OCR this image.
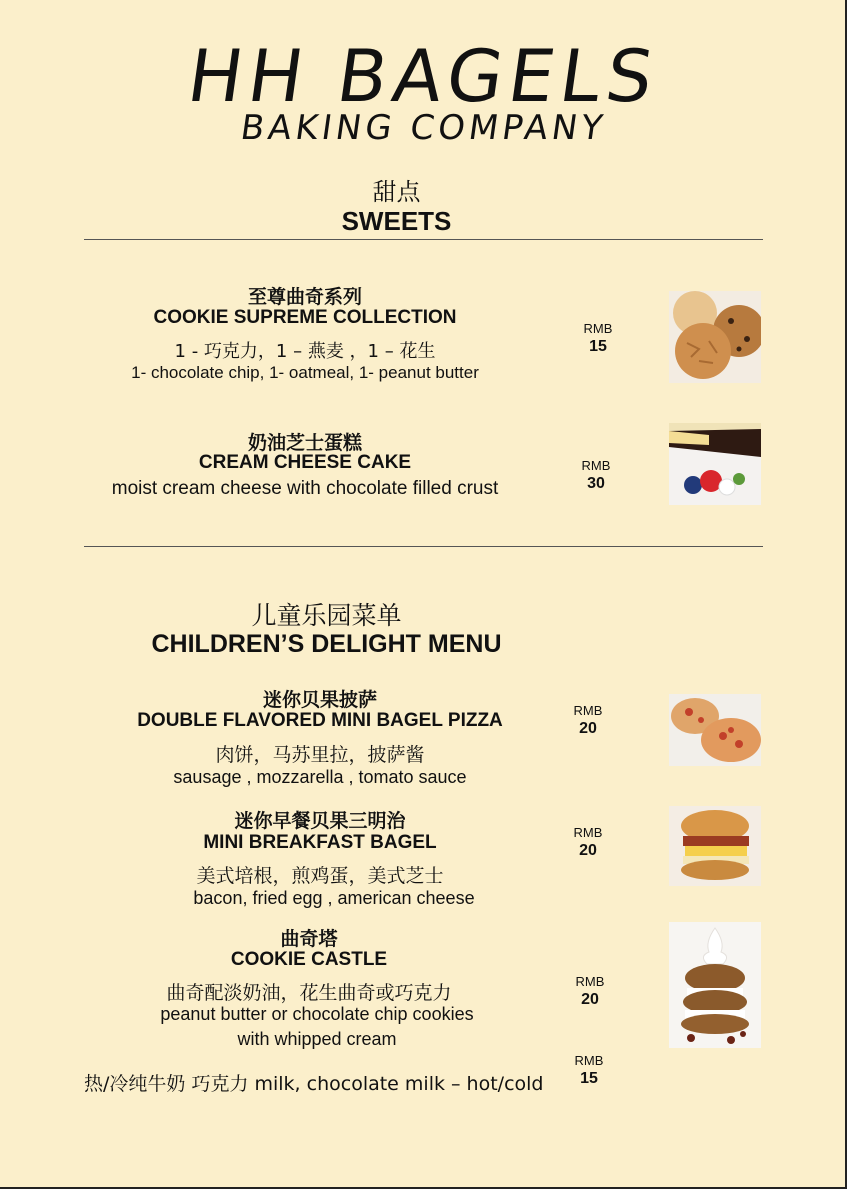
HH BAGELS
BAKING COMPANY
甜点
SWEETS
至尊曲奇系列
COOKIE SUPREME COLLECTION
1 - 巧克力，1 – 燕麦 ，1 – 花生
1- chocolate chip, 1- oatmeal, 1- peanut butter
RMB
15
奶油芝士蛋糕
CREAM CHEESE CAKE
moist cream cheese with chocolate filled crust
RMB
30
儿童乐园菜单
CHILDREN’S DELIGHT MENU
迷你贝果披萨
DOUBLE FLAVORED MINI BAGEL PIZZA
肉饼，马苏里拉，披萨酱
sausage , mozzarella , tomato sauce
RMB
20
迷你早餐贝果三明治
MINI BREAKFAST BAGEL
美式培根，煎鸡蛋，美式芝士
bacon, fried egg , american cheese
RMB
20
曲奇塔
COOKIE CASTLE
曲奇配淡奶油，花生曲奇或巧克力
peanut butter or chocolate chip cookies
with whipped cream
RMB
20
热/冷纯牛奶 巧克力 milk, chocolate milk – hot/cold
RMB
15
